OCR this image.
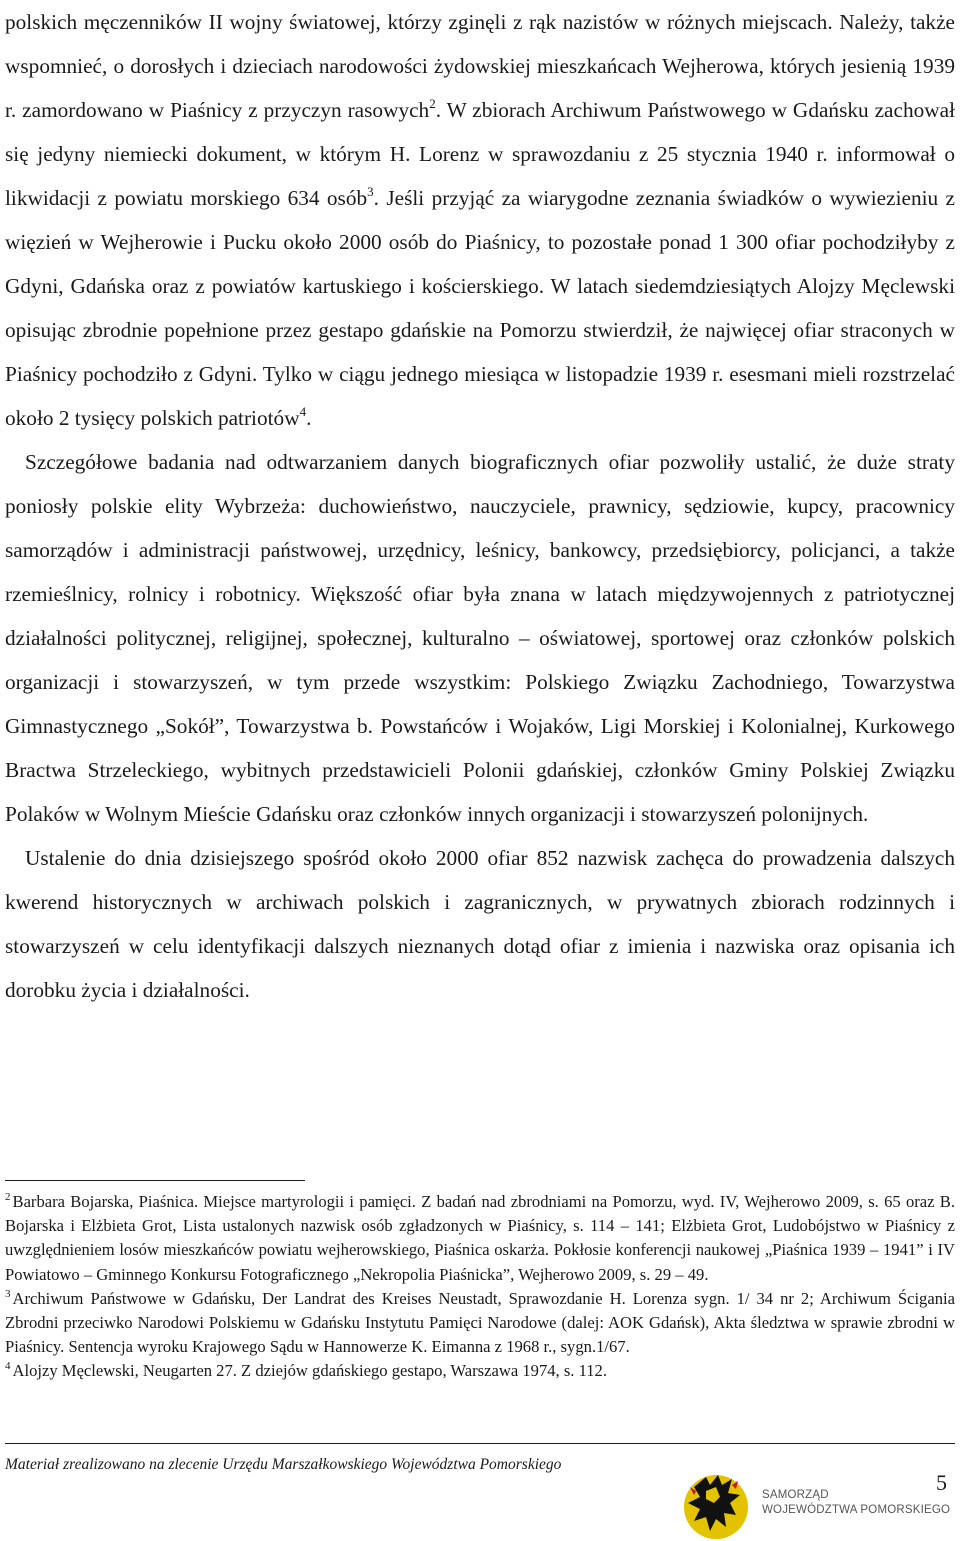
polskich męczenników II wojny światowej, którzy zginęli z rąk nazistów w różnych miejscach. Należy, także wspomnieć, o dorosłych i dzieciach narodowości żydowskiej mieszkańcach Wejherowa, których jesienią 1939 r. zamordowano w Piaśnicy z przyczyn rasowych$^2$. W zbiorach Archiwum Państwowego w Gdańsku zachował się jedyny niemiecki dokument, w którym H. Lorenz w sprawozdaniu z 25 stycznia 1940 r. informował o likwidacji z powiatu morskiego 634 osób$^3$. Jeśli przyjąć za wiarygodne zeznania świadków o wywiezieniu z więzień w Wejherowie i Pucku około 2000 osób do Piaśnicy, to pozostałe ponad 1 300 ofiar pochodziłyby z Gdyni, Gdańska oraz z powiatów kartuskiego i kościerskiego. W latach siedemdziesiątych Alojzy Męclewski opisując zbrodnie popełnione przez gestapo gdańskie na Pomorzu stwierdził, że najwięcej ofiar straconych w Piaśnicy pochodziło z Gdyni. Tylko w ciągu jednego miesiąca w listopadzie 1939 r. esesmani mieli rozstrzelać około 2 tysięcy polskich patriotów$^4$.

Szczegółowe badania nad odtwarzaniem danych biograficznych ofiar pozwoliły ustalić, że duże straty poniosły polskie elity Wybrzeża: duchowieństwo, nauczyciele, prawnicy, sędziowie, kupcy, pracownicy samorządów i administracji państwowej, urzędnicy, leśnicy, bankowcy, przedsiębiorcy, policjanci, a także rzemieślnicy, rolnicy i robotnicy. Większość ofiar była znana w latach międzywojennych z patriotycznej działalności politycznej, religijnej, społecznej, kulturalno – oświatowej, sportowej oraz członków polskich organizacji i stowarzyszeń, w tym przede wszystkim: Polskiego Związku Zachodniego, Towarzystwa Gimnastycznego „Sokół”, Towarzystwa b. Powstańców i Wojaków, Ligi Morskiej i Kolonialnej, Kurkowego Bractwa Strzeleckiego, wybitnych przedstawicieli Polonii gdańskiej, członków Gminy Polskiej Związku Polaków w Wolnym Mieście Gdańsku oraz członków innych organizacji i stowarzyszeń polonijnych.

Ustalenie do dnia dzisiejszego spośród około 2000 ofiar 852 nazwisk zachęca do prowadzenia dalszych kwerend historycznych w archiwach polskich i zagranicznych, w prywatnych zbiorach rodzinnych i stowarzyszeń w celu identyfikacji dalszych nieznanych dotąd ofiar z imienia i nazwiska oraz opisania ich dorobku życia i działalności.

$^2$ Barbara Bojarska, Piaśnica. Miejsce martyrologii i pamięci. Z badań nad zbrodniami na Pomorzu, wyd. IV, Wejherowo 2009, s. 65 oraz B. Bojarska i Elżbieta Grot, Lista ustalonych nazwisk osób zgładzonych w Piaśnicy, s. 114 – 141; Elżbieta Grot, Ludobójstwo w Piaśnicy z uwzględnieniem losów mieszkańców powiatu wejherowskiego, Piaśnica oskarża. Pokłosie konferencji naukowej „Piaśnica 1939 – 1941” i IV Powiatowo – Gminnego Konkursu Fotograficznego „Nekropolia Piaśnicka”, Wejherowo 2009, s. 29 – 49.

$^3$ Archiwum Państwowe w Gdańsku, Der Landrat des Kreises Neustadt, Sprawozdanie H. Lorenza sygn. 1/ 34 nr 2; Archiwum Ścigania Zbrodni przeciwko Narodowi Polskiemu w Gdańsku Instytutu Pamięci Narodowe (dalej: AOK Gdańsk), Akta śledztwa w sprawie zbrodni w Piaśnicy. Sentencja wyroku Krajowego Sądu w Hannowerze K. Eimanna z 1968 r., sygn.1/67.

$^4$ Alojzy Męclewski, Neugarten 27. Z dziejów gdańskiego gestapo, Warszawa 1974, s. 112.

Materiał zrealizowano na zlecenie Urzędu Marszałkowskiego Województwa Pomorskiego
SAMORZĄD
WOJEWÓDZTWA POMORSKIEGO
5
